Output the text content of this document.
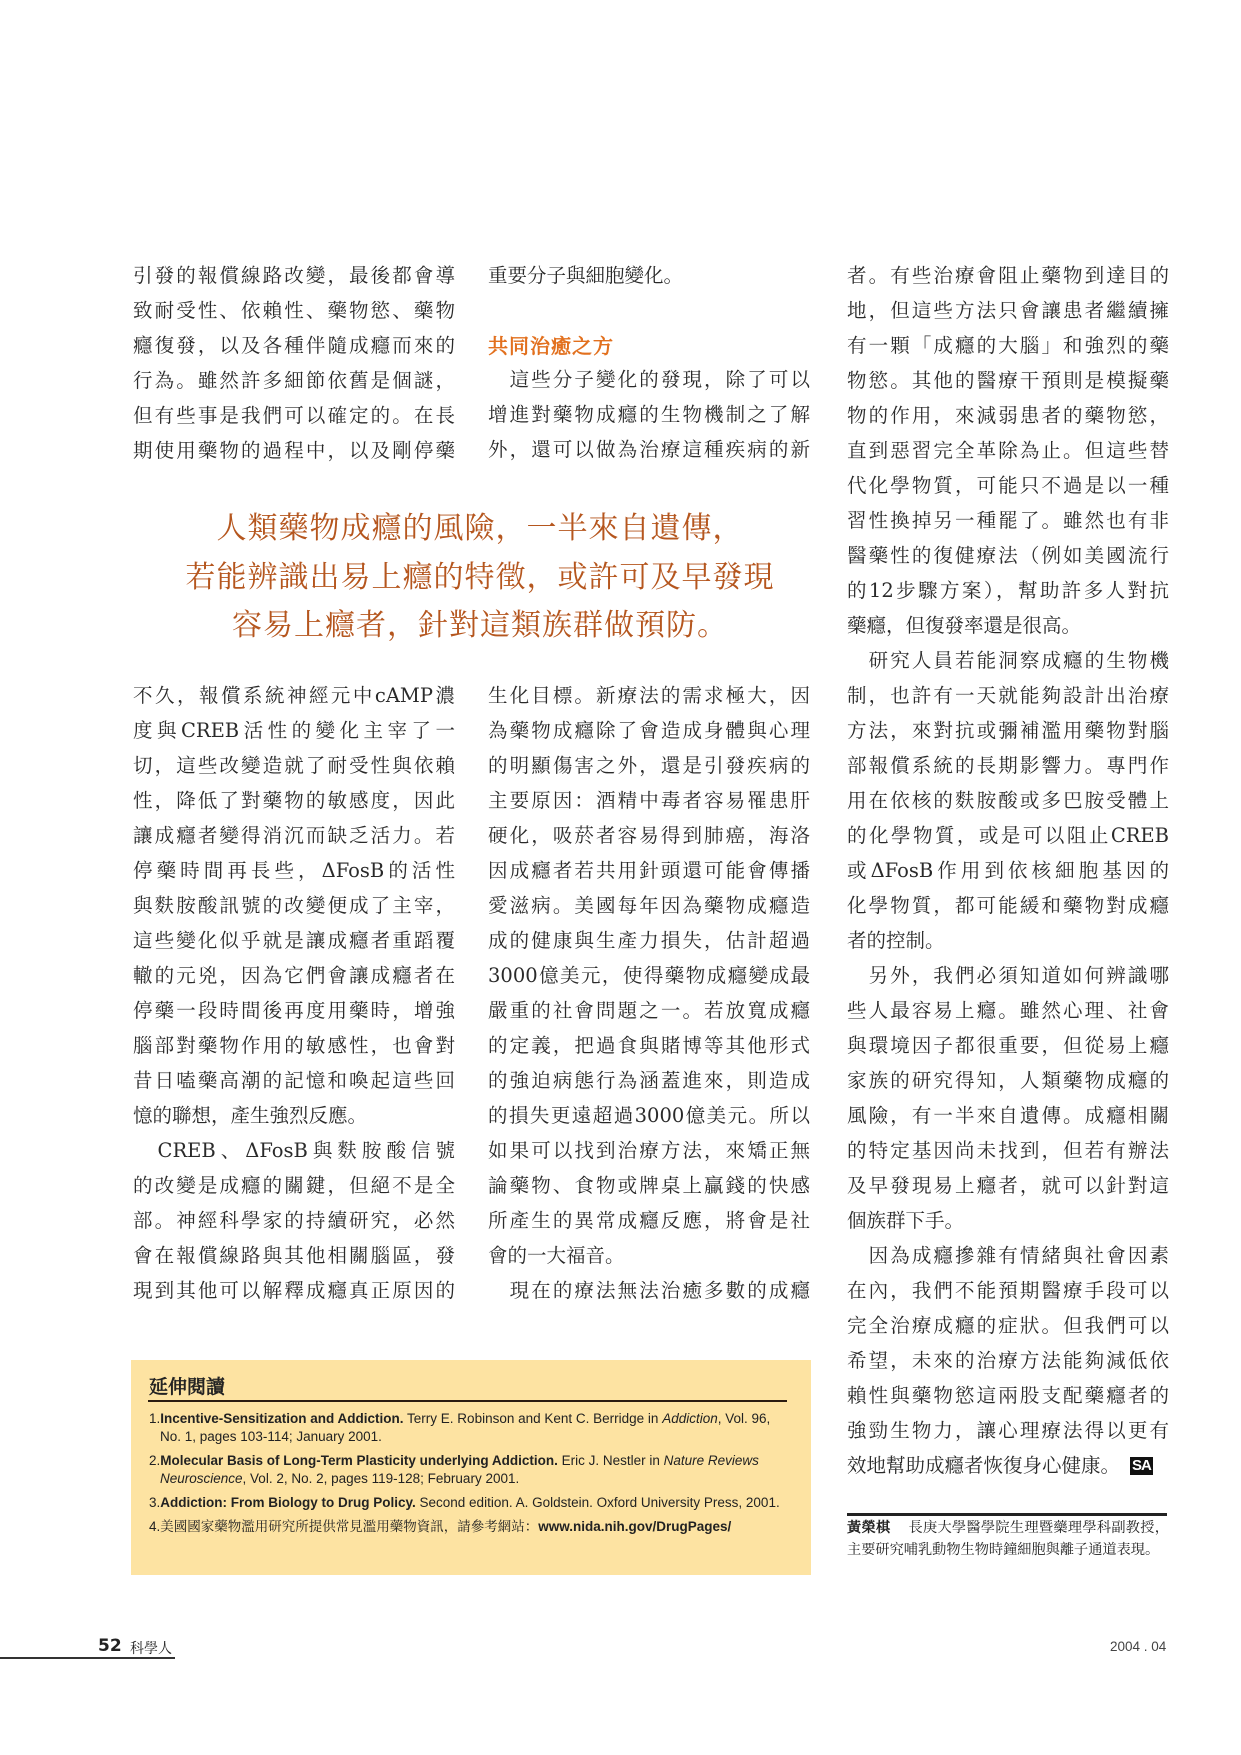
引發的報償線路改變，最後都會導
致耐受性、依賴性、藥物慾、藥物
癮復發，以及各種伴隨成癮而來的
行為。雖然許多細節依舊是個謎，
但有些事是我們可以確定的。在長
期使用藥物的過程中，以及剛停藥
重要分子與細胞變化。
共同治癒之方
　這些分子變化的發現，除了可以
增進對藥物成癮的生物機制之了解
外，還可以做為治療這種疾病的新
者。有些治療會阻止藥物到達目的
地，但這些方法只會讓患者繼續擁
有一顆「成癮的大腦」和強烈的藥
物慾。其他的醫療干預則是模擬藥
物的作用，來減弱患者的藥物慾，
直到惡習完全革除為止。但這些替
代化學物質，可能只不過是以一種
習性換掉另一種罷了。雖然也有非
醫藥性的復健療法（例如美國流行
的12步驟方案），幫助許多人對抗
藥癮，但復發率還是很高。
　研究人員若能洞察成癮的生物機
制，也許有一天就能夠設計出治療
方法，來對抗或彌補濫用藥物對腦
部報償系統的長期影響力。專門作
用在依核的麩胺酸或多巴胺受體上
的化學物質，或是可以阻止CREB
或ΔFosB作用到依核細胞基因的
化學物質，都可能緩和藥物對成癮
者的控制。
　另外，我們必須知道如何辨識哪
些人最容易上癮。雖然心理、社會
與環境因子都很重要，但從易上癮
家族的研究得知，人類藥物成癮的
風險，有一半來自遺傳。成癮相關
的特定基因尚未找到，但若有辦法
及早發現易上癮者，就可以針對這
個族群下手。
　因為成癮摻雜有情緒與社會因素
在內，我們不能預期醫療手段可以
完全治療成癮的症狀。但我們可以
希望，未來的治療方法能夠減低依
賴性與藥物慾這兩股支配藥癮者的
強勁生物力，讓心理療法得以更有
效地幫助成癮者恢復身心健康。 SA
人類藥物成癮的風險，一半來自遺傳，
若能辨識出易上癮的特徵，或許可及早發現
容易上癮者，針對這類族群做預防。
不久，報償系統神經元中cAMP濃
度與CREB活性的變化主宰了一
切，這些改變造就了耐受性與依賴
性，降低了對藥物的敏感度，因此
讓成癮者變得消沉而缺乏活力。若
停藥時間再長些，ΔFosB的活性
與麩胺酸訊號的改變便成了主宰，
這些變化似乎就是讓成癮者重蹈覆
轍的元兇，因為它們會讓成癮者在
停藥一段時間後再度用藥時，增強
腦部對藥物作用的敏感性，也會對
昔日嗑藥高潮的記憶和喚起這些回
憶的聯想，產生強烈反應。
　CREB、ΔFosB與麩胺酸信號
的改變是成癮的關鍵，但絕不是全
部。神經科學家的持續研究，必然
會在報償線路與其他相關腦區，發
現到其他可以解釋成癮真正原因的
生化目標。新療法的需求極大，因
為藥物成癮除了會造成身體與心理
的明顯傷害之外，還是引發疾病的
主要原因：酒精中毒者容易罹患肝
硬化，吸菸者容易得到肺癌，海洛
因成癮者若共用針頭還可能會傳播
愛滋病。美國每年因為藥物成癮造
成的健康與生產力損失，估計超過
3000億美元，使得藥物成癮變成最
嚴重的社會問題之一。若放寬成癮
的定義，把過食與賭博等其他形式
的強迫病態行為涵蓋進來，則造成
的損失更遠超過3000億美元。所以
如果可以找到治療方法，來矯正無
論藥物、食物或牌桌上贏錢的快感
所產生的異常成癮反應，將會是社
會的一大福音。
　現在的療法無法治癒多數的成癮
延伸閱讀
1.Incentive-Sensitization and Addiction. Terry E. Robinson and Kent C. Berridge in Addiction, Vol. 96, No. 1, pages 103-114; January 2001.
2.Molecular Basis of Long-Term Plasticity underlying Addiction. Eric J. Nestler in Nature Reviews Neuroscience, Vol. 2, No. 2, pages 119-128; February 2001.
3.Addiction: From Biology to Drug Policy. Second edition. A. Goldstein. Oxford University Press, 2001.
4.美國國家藥物濫用研究所提供常見濫用藥物資訊，請參考網站：www.nida.nih.gov/DrugPages/	黃榮棋 長庚大學醫學院生理暨藥理學科副教授，主要研究哺乳動物生物時鐘細胞與離子通道表現。
52 科學人	2004 . 04
